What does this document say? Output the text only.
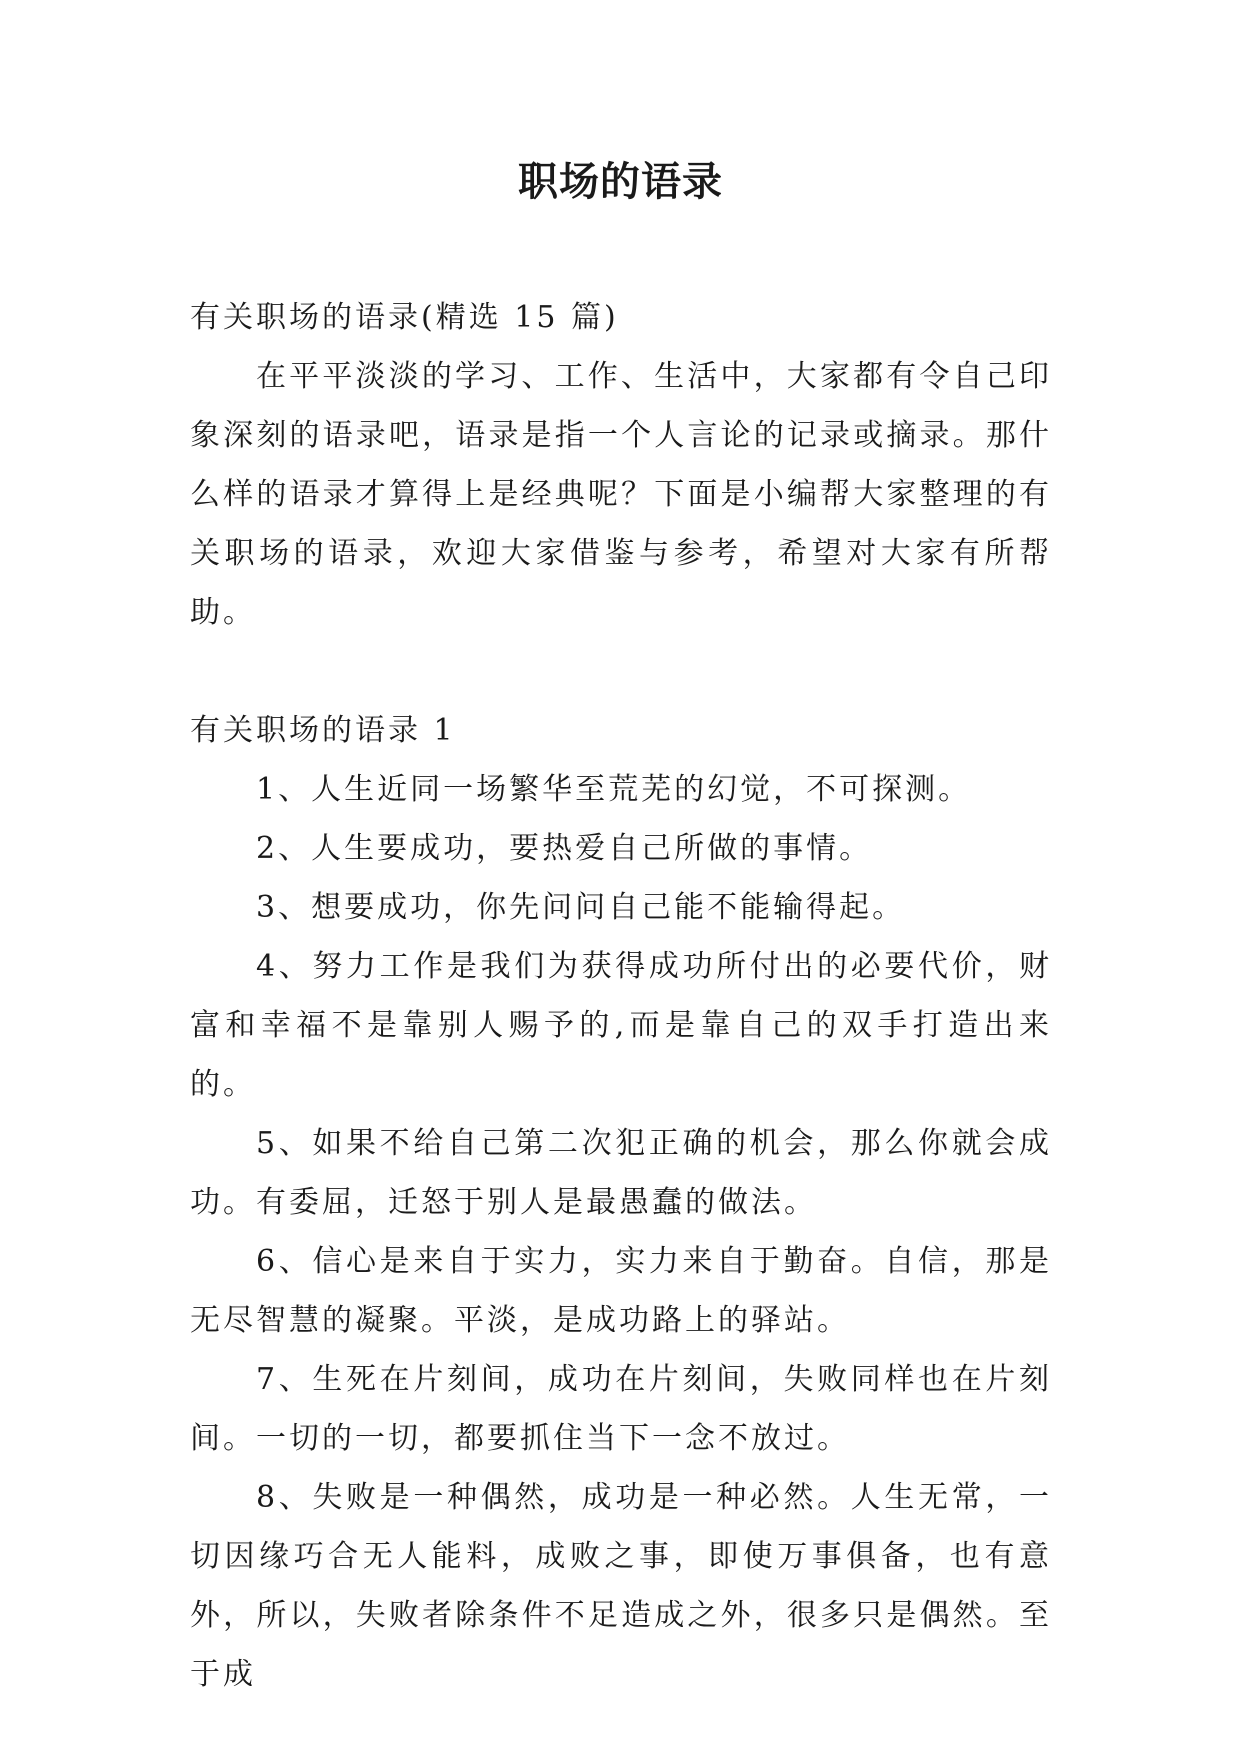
职场的语录

有关职场的语录(精选 15 篇)

在平平淡淡的学习、工作、生活中，大家都有令自己印象深刻的语录吧，语录是指一个人言论的记录或摘录。那什么样的语录才算得上是经典呢？下面是小编帮大家整理的有关职场的语录，欢迎大家借鉴与参考，希望对大家有所帮助。

有关职场的语录 1

1、人生近同一场繁华至荒芜的幻觉，不可探测。

2、人生要成功，要热爱自己所做的事情。

3、想要成功，你先问问自己能不能输得起。

4、努力工作是我们为获得成功所付出的必要代价，财富和幸福不是靠别人赐予的,而是靠自己的双手打造出来的。

5、如果不给自己第二次犯正确的机会，那么你就会成功。有委屈，迁怒于别人是最愚蠢的做法。

6、信心是来自于实力，实力来自于勤奋。自信，那是无尽智慧的凝聚。平淡，是成功路上的驿站。

7、生死在片刻间，成功在片刻间，失败同样也在片刻间。一切的一切，都要抓住当下一念不放过。

8、失败是一种偶然，成功是一种必然。人生无常，一切因缘巧合无人能料，成败之事，即使万事俱备，也有意外，所以，失败者除条件不足造成之外，很多只是偶然。至于成
